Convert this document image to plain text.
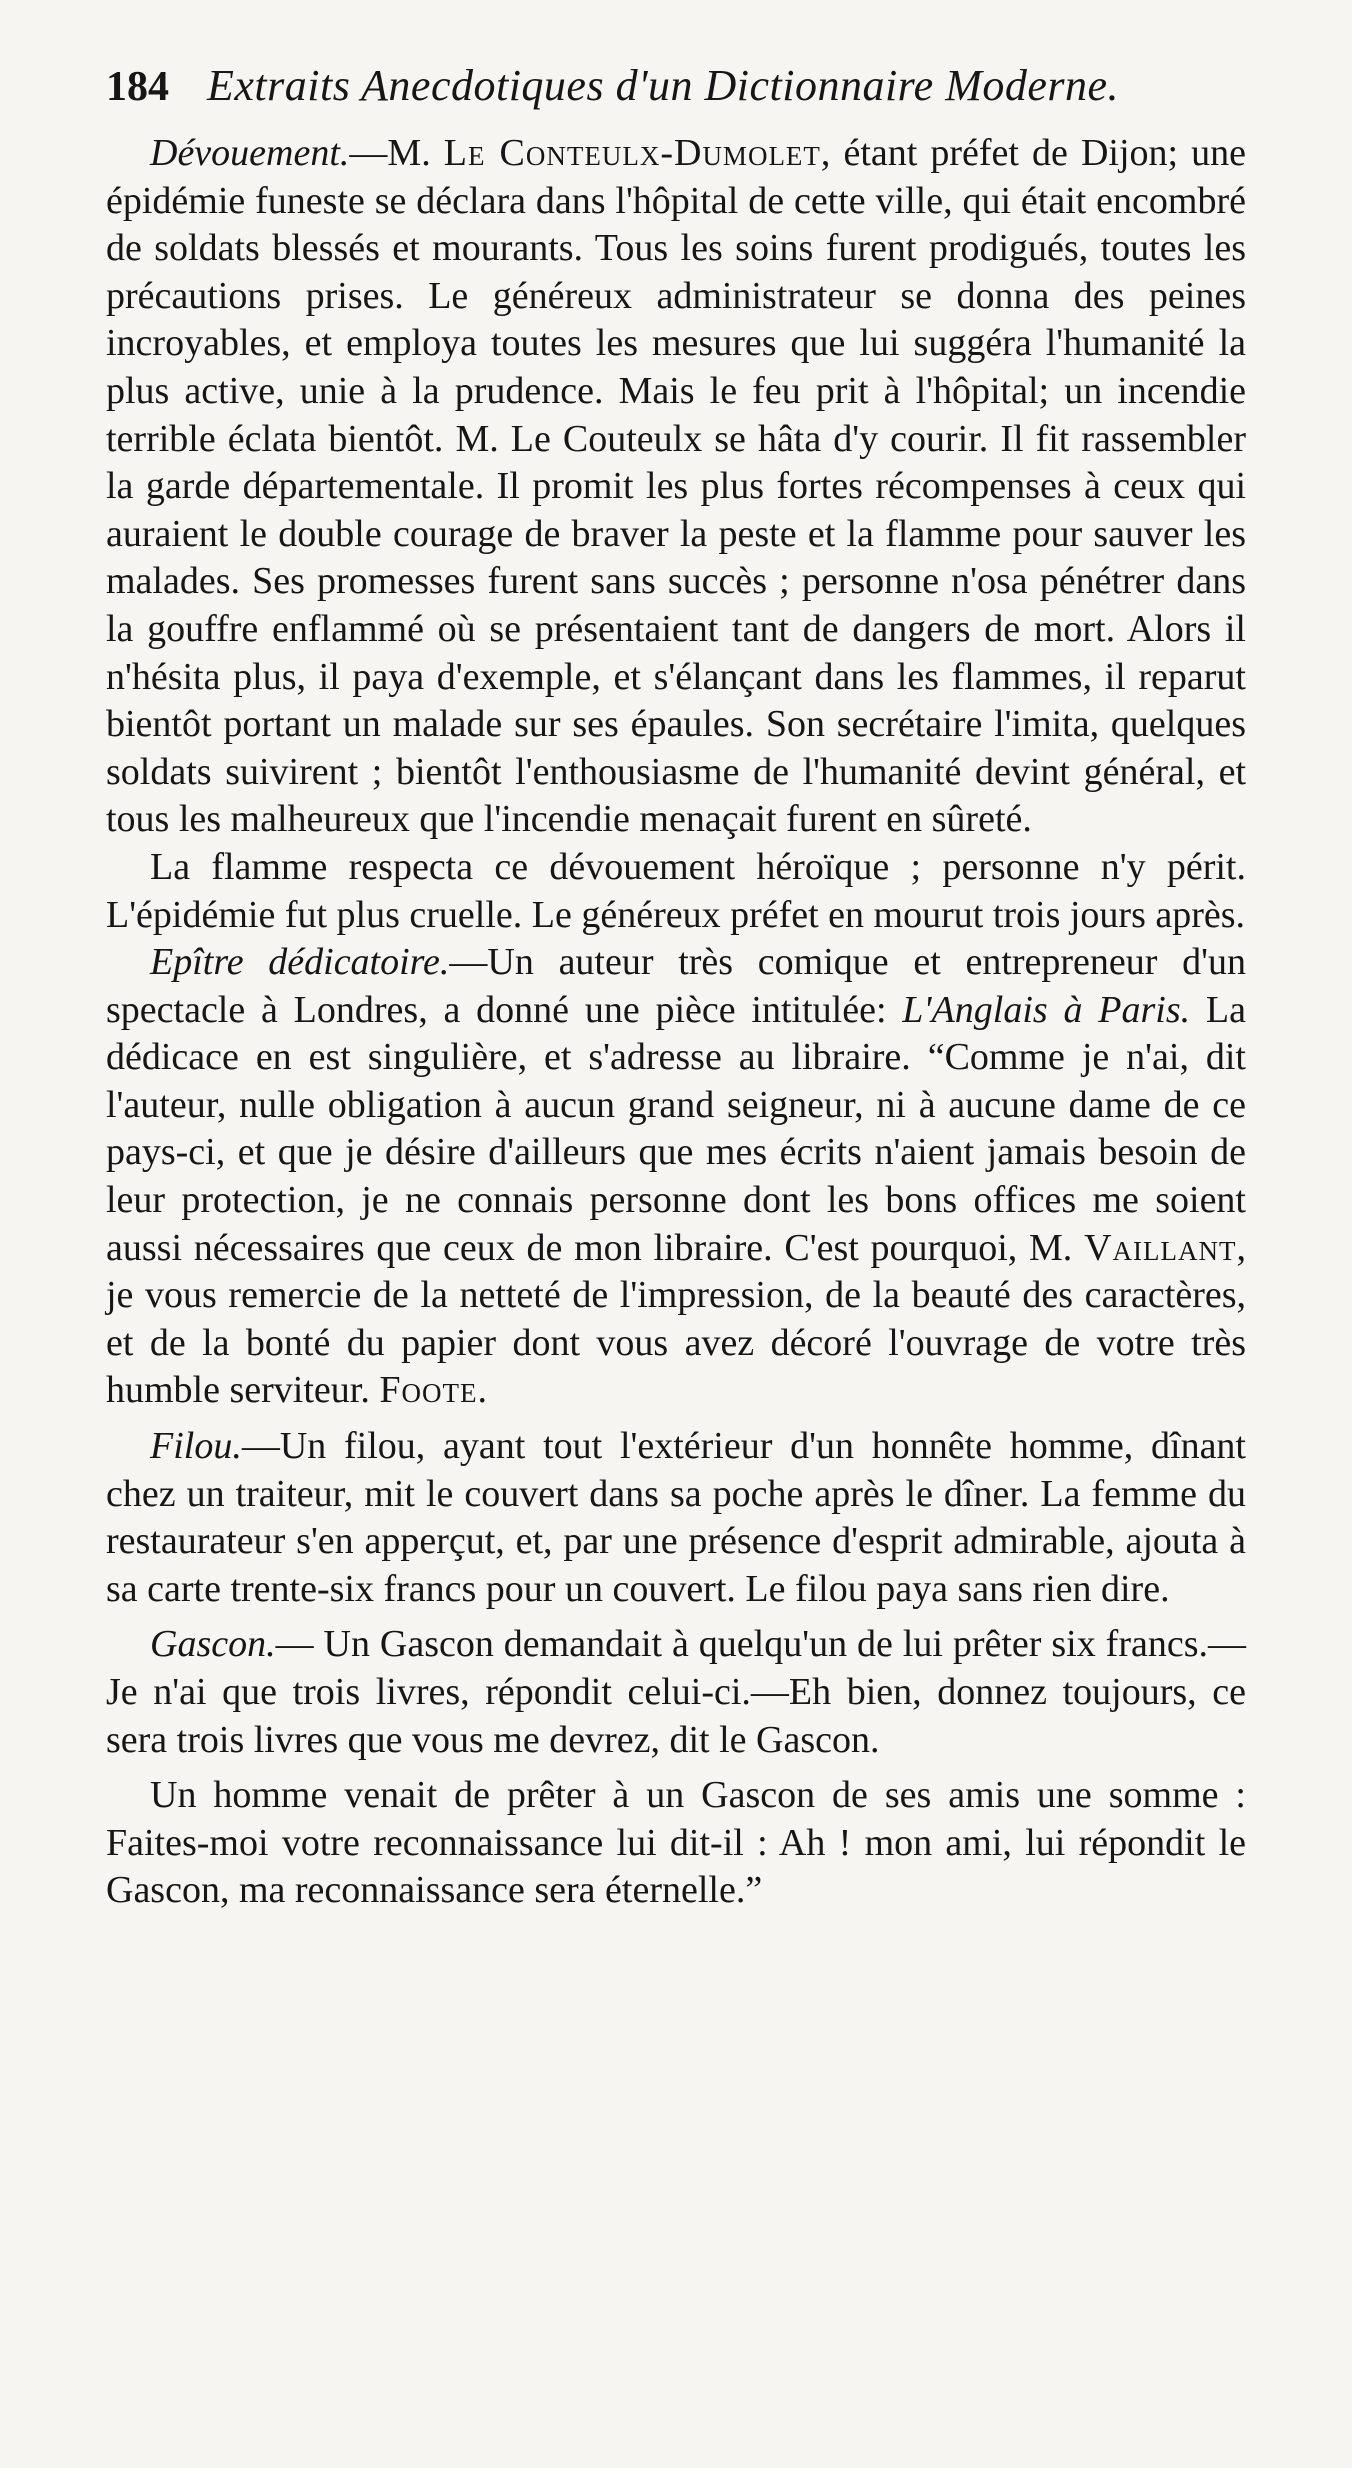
184 Extraits Anecdotiques d'un Dictionnaire Moderne.

Dévouement.—M. Le Conteulx-Dumolet, étant préfet de Dijon; une épidémie funeste se déclara dans l'hôpital de cette ville, qui était encombré de soldats blessés et mourants. Tous les soins furent prodigués, toutes les précautions prises. Le généreux administrateur se donna des peines incroyables, et employa toutes les mesures que lui suggéra l'humanité la plus active, unie à la prudence. Mais le feu prit à l'hôpital; un incendie terrible éclata bientôt. M. Le Couteulx se hâta d'y courir. Il fit rassembler la garde départementale. Il promit les plus fortes récompenses à ceux qui auraient le double courage de braver la peste et la flamme pour sauver les malades. Ses promesses furent sans succès ; personne n'osa pénétrer dans la gouffre enflammé où se présentaient tant de dangers de mort. Alors il n'hésita plus, il paya d'exemple, et s'élançant dans les flammes, il reparut bientôt portant un malade sur ses épaules. Son secrétaire l'imita, quelques soldats suivirent ; bientôt l'enthousiasme de l'humanité devint général, et tous les malheureux que l'incendie menaçait furent en sûreté.

La flamme respecta ce dévouement héroïque ; personne n'y périt. L'épidémie fut plus cruelle. Le généreux préfet en mourut trois jours après.

Epître dédicatoire.—Un auteur très comique et entrepreneur d'un spectacle à Londres, a donné une pièce intitulée: L'Anglais à Paris. La dédicace en est singulière, et s'adresse au libraire. “Comme je n'ai, dit l'auteur, nulle obligation à aucun grand seigneur, ni à aucune dame de ce pays-ci, et que je désire d'ailleurs que mes écrits n'aient jamais besoin de leur protection, je ne connais personne dont les bons offices me soient aussi nécessaires que ceux de mon libraire. C'est pourquoi, M. Vaillant, je vous remercie de la netteté de l'impression, de la beauté des caractères, et de la bonté du papier dont vous avez décoré l'ouvrage de votre très humble serviteur. Foote.

Filou.—Un filou, ayant tout l'extérieur d'un honnête homme, dînant chez un traiteur, mit le couvert dans sa poche après le dîner. La femme du restaurateur s'en apperçut, et, par une présence d'esprit admirable, ajouta à sa carte trente-six francs pour un couvert. Le filou paya sans rien dire.

Gascon.— Un Gascon demandait à quelqu'un de lui prêter six francs.—Je n'ai que trois livres, répondit celui-ci.—Eh bien, donnez toujours, ce sera trois livres que vous me devrez, dit le Gascon.

Un homme venait de prêter à un Gascon de ses amis une somme : Faites-moi votre reconnaissance lui dit-il : Ah ! mon ami, lui répondit le Gascon, ma reconnaissance sera éternelle.”
